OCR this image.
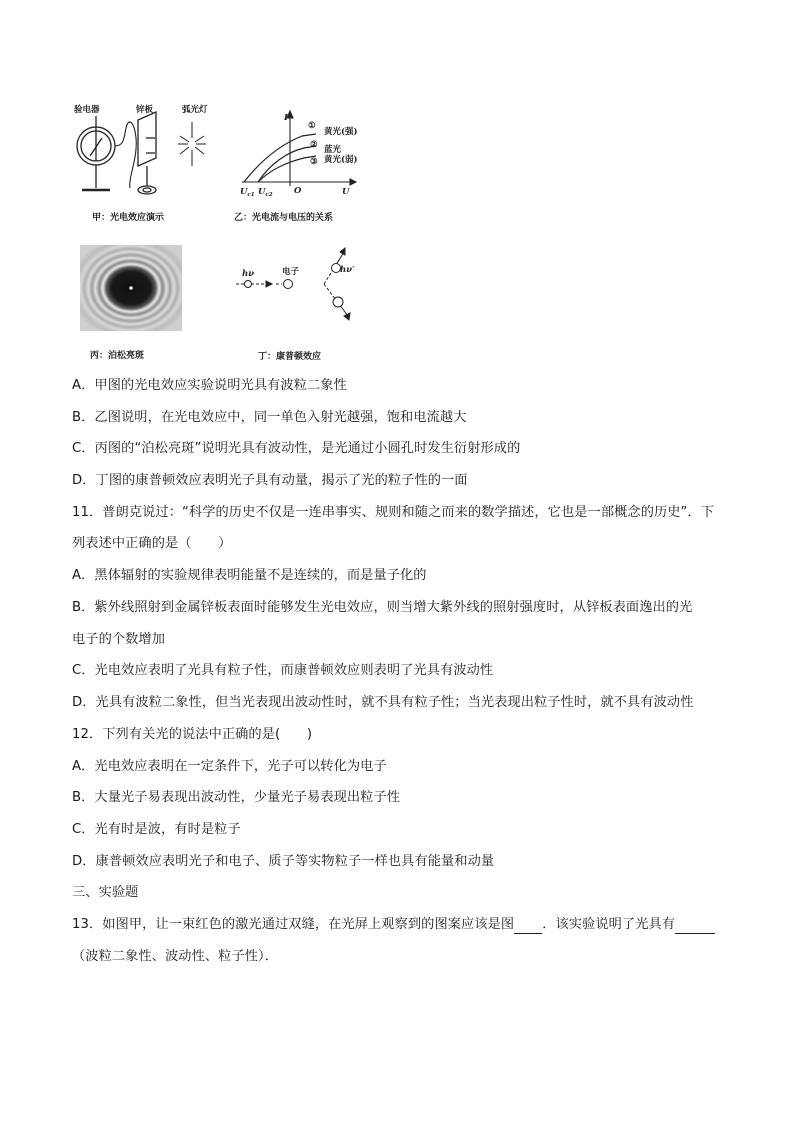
验电器	锌板	弧光灯
甲：光电效应演示
I
U
O
$U_{c1}$ $U_{c2}$
①
黄光(强)
② 蓝光
③ 黄光(弱)
乙：光电流与电压的关系
丙：泊松亮斑
hν	电子	hν′
丁：康普顿效应
A．甲图的光电效应实验说明光具有波粒二象性
B．乙图说明，在光电效应中，同一单色入射光越强，饱和电流越大
C．丙图的“泊松亮斑”说明光具有波动性，是光通过小圆孔时发生衍射形成的
D．丁图的康普顿效应表明光子具有动量，揭示了光的粒子性的一面
11．普朗克说过：“科学的历史不仅是一连串事实、规则和随之而来的数学描述，它也是一部概念的历史”．下
列表述中正确的是（　　）
A．黑体辐射的实验规律表明能量不是连续的，而是量子化的
B．紫外线照射到金属锌板表面时能够发生光电效应，则当增大紫外线的照射强度时，从锌板表面逸出的光
电子的个数增加
C．光电效应表明了光具有粒子性，而康普顿效应则表明了光具有波动性
D．光具有波粒二象性，但当光表现出波动性时，就不具有粒子性；当光表现出粒子性时，就不具有波动性
12．下列有关光的说法中正确的是(　　)
A．光电效应表明在一定条件下，光子可以转化为电子
B．大量光子易表现出波动性，少量光子易表现出粒子性
C．光有时是波，有时是粒子
D．康普顿效应表明光子和电子、质子等实物粒子一样也具有能量和动量
三、实验题
13．如图甲，让一束红色的激光通过双缝，在光屏上观察到的图案应该是图 ．该实验说明了光具有
（波粒二象性、波动性、粒子性）．
